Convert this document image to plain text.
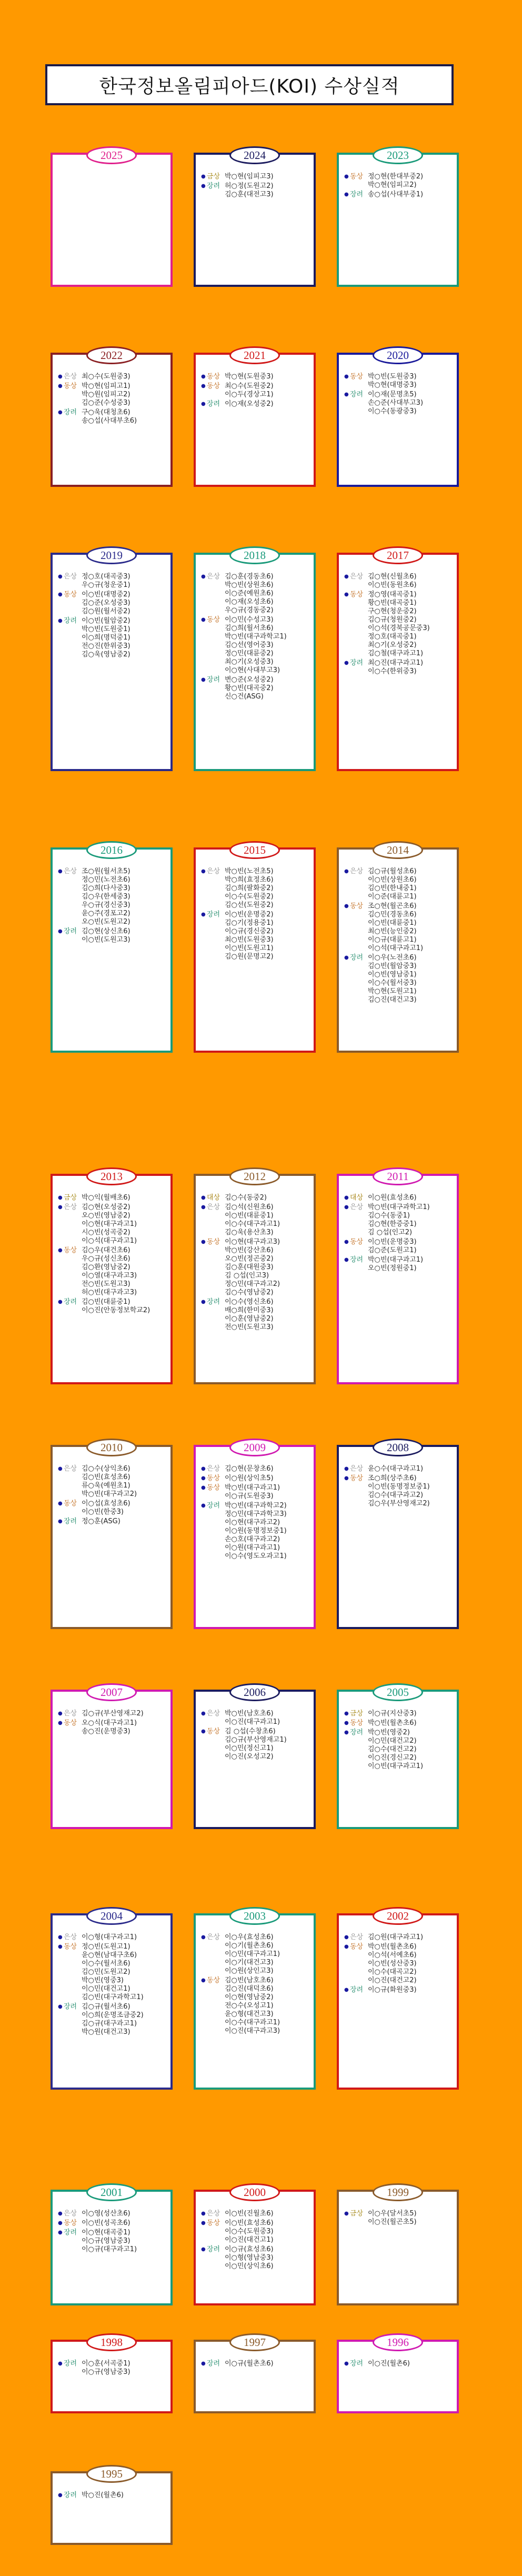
한국정보올림피아드(KOI) 수상실적
2025	2024
● 금상 박○현(임피고3)
● 장려 허○정(도원고2)
김○훈(대전고3)
2023
● 동상 정○현(한대부중2)
박○현(임피고2)
● 장려 송○섭(사대부중1)
2022
● 은상 최○수(도원중3)
● 동상 박○현(임피고1)
박○원(임피고2)
김○준(수성중3)
● 장려 구○욱(대청초6)
송○섭(사대부초6)
2021
● 동상 박○현(도원중3)
● 동상 최○수(도원중2)
이○두(경상고1)
● 장려 이○재(오성중2)
2020
● 동상 박○빈(도원중3)
박○현(대명중3)
● 장려 이○재(문명초5)
손○준(사대부고3)
이○수(동광중3)
2019
● 은상 정○호(대곡중3)
우○규(청운중1)
● 동상 이○빈(대명중2)
김○준(오성중3)
김○원(월서중2)
● 장려 이○빈(월암중2)
박○빈(도원중1)
이○희(명덕중1)
전○진(한위중3)
김○욱(영남중2)
2018
● 은상 김○훈(경동초6)
박○빈(상원초6)
이○준(예원초6)
이○재(오성초6)
우○규(경동중2)
● 동상 이○민(수성고3)
김○희(월서초6)
박○빈(대구과학고1)
김○선(영어중3)
정○민(대륜중2)
최○기(오성중3)
이○현(사대부고3)
● 장려 변○준(오성중2)
황○빈(대곡중2)
신○건(ASG)
2017
● 은상 김○현(신월초6)
이○빈(동원초6)
● 동상 정○영(대곡중1)
황○빈(대곡중1)
구○현(청운중2)
김○규(청원중2)
이○석(경북공문중3)
정○호(대곡중1)
최○기(오성중2)
김○철(대구과고1)
● 장려 최○진(대구과고1)
이○수(한위중3)
2016
● 은상 조○원(월서초5)
정○민(노전초6)
김○희(다사중3)
김○우(한세중3)
우○규(경신중3)
윤○주(경포고2)
오○빈(도원고2)
● 장려 김○현(상신초6)
이○빈(도원고3)
2015
● 은상 박○빈(노전초5)
박○희(효정초6)
김○희(팔화중2)
이○수(도원중2)
김○선(도원중2)
● 장려 이○빈(운명중2)
김○기(정용중1)
이○규(경신중2)
최○빈(도원중3)
이○빈(도원고1)
김○원(문명고2)
2014
● 은상 김○규(월성초6)
이○빈(상원초6)
김○빈(한내중1)
이○준(대륜고1)
● 동상 조○현(월곤초6)
김○민(경동초6)
이○빈(대륜중1)
최○빈(능인중2)
이○규(대륜고1)
이○석(대구과고1)
● 장려 이○우(노전초6)
김○빈(월암중3)
이○빈(영남중1)
이○수(월서중3)
박○현(도원고1)
김○진(대건고3)
2013
● 금상 박○익(월배초6)
● 은상 김○현(오성중2)
오○빈(영남중2)
이○현(대구과고1)
시○빈(성곡중2)
이○석(대구과고1)
● 동상 김○우(대건초6)
우○규(성신초6)
김○환(영남중2)
이○열(대구과고3)
전○빈(도원고3)
허○빈(대구과고3)
● 장려 김○빈(대륜중1)
이○진(안동정보학교2)
2012
● 대상 김○수(동중2)
● 은상 김○석(신원초6)
이○빈(대륜중1)
이○수(대구과고1)
김○욱(용산초3)
● 동상 이○현(대구과고3)
박○빈(강산초6)
오○빈(정곤중2)
김○훈(대원중3)
김 ○섭(인고3)
정○민(대구과고2)
김○수(영남중2)
● 장려 이○수(영신초6)
배○희(한미중3)
이○훈(영남중2)
전○빈(도원고3)
2011
● 대상 이○원(효성초6)
● 은상 박○빈(대구과학고1)
김○수(동중1)
김○현(한증중1)
김 ○섭(인고2)
● 동상 이○빈(운명중3)
김○준(도원고1)
● 장려 박○빈(대구과고1)
오○빈(정원중1)
2010
● 은상 김○수(상익초6)
김○빈(효성초6)
류○욱(예원초1)
박○빈(대구과고2)
● 동상 이○섭(효성초6)
이○빈(한중3)
● 장려 정○훈(ASG)
2009
● 은상 김○현(문창초6)
● 동상 이○원(상익초5)
● 동상 박○빈(대구과고1)
이○규(도원중3)
● 장려 박○빈(대구과학고2)
정○민(대구과학고3)
이○현(대구과고2)
이○원(동명정보중1)
손○호(대구과고2)
이○원(대구과고1)
이○수(영도오과고1)
2008
● 은상 윤○수(대구과고1)
● 동상 조○희(상주초6)
이○빈(동명정보중1)
김○수(대구과고2)
김○우(부산영재고2)
2007
● 은상 김○규(부산영재고2)
● 동상 오○식(대구과고1)
송○진(운명중3)
2006
● 은상 박○빈(남호초6)
이○진(대구과고1)
● 동상 김 ○섭(수창초6)
김○규(부산영재고1)
이○민(정신고1)
이○진(오성고2)
2005
● 금상 이○규(지산중3)
● 동상 박○빈(월촌초6)
● 장려 박○빈(영중2)
이○민(대건고2)
김○수(대건고2)
이○진(경신고2)
이○빈(대구과고1)
2004
● 은상 이○형(대구과고1)
● 동상 정○빈(도원고1)
윤○현(남대구초6)
이○수(월서초6)
김○민(도원고2)
박○빈(영중3)
이○민(대건고1)
김○빈(대구과학고1)
● 장려 김○규(월서초6)
이○희(운명조금중2)
김○규(대구과고1)
박○원(대건고3)
2003
● 은상 이○우(효성초6)
이○기(월촌초6)
이○민(대구과고1)
이○기(대건고3)
이○원(상인고3)
● 동상 김○빈(남호초6)
김○진(대덕초6)
이○현(영남중2)
전○수(오성고1)
윤○형(대건고3)
이○수(대구과고1)
이○진(대구과고3)
2002
● 은상 김○원(대구과고1)
● 동상 박○빈(월촌초6)
이○석(서예초6)
이○빈(성산중3)
이○수(대곡고2)
이○진(대건고2)
● 장려 이○규(화원중3)
2001
● 은상 이○영(성산초6)
● 동상 이○빈(성곡초6)
● 장려 이○현(대곡중1)
이○규(영남중3)
이○규(대구과고1)
2000
● 은상 이○빈(진월초6)
● 동상 이○빈(효성초6)
이○수(도원중3)
이○진(대건고1)
● 장려 이○규(효성초6)
이○형(영남중3)
이○민(상익초6)
1999
● 금상 이○우(달서초5)
이○진(월곤초5)
1998
● 장려 이○훈(서곡중1)
이○규(영남중3)
1997
● 장려 이○규(월촌초6)
1996
● 장려 이○진(월촌6)
1995
● 장려 박○진(월촌6)
